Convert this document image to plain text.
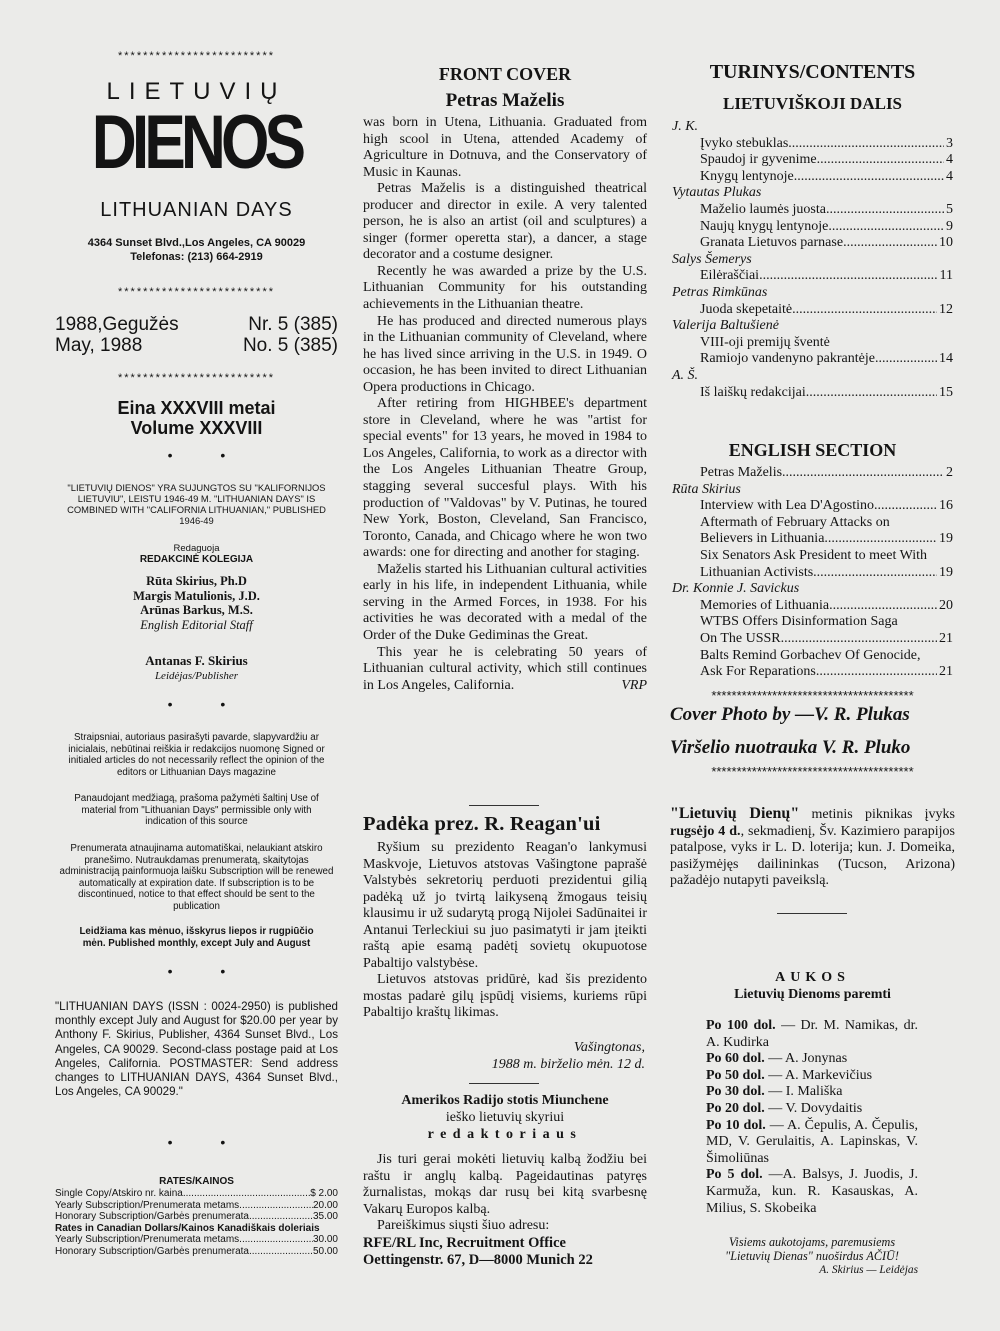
*************************
LIETUVIŲ
DIENOS
LITHUANIAN DAYS
4364 Sunset Blvd.,Los Angeles, CA 90029
Telefonas: (213) 664-2919
*************************
1988,Gegužės	Nr. 5 (385)
May, 1988	No. 5 (385)
*************************
Eina XXXVIII metai
Volume XXXVIII
• •
"LIETUVIŲ DIENOS" YRA SUJUNGTOS SU "KALIFORNIJOS LIETUVIU", LEISTU 1946-49 M. "LITHUANIAN DAYS" IS COMBINED WITH "CALIFORNIA LITHUANIAN," PUBLISHED 1946-49
Redaguoja
REDAKCINĖ KOLEGIJA
Rūta Skirius, Ph.D
Margis Matulionis, J.D.
Arūnas Barkus, M.S.
English Editorial Staff
Antanas F. Skirius
Leidėjas/Publisher
• •
Straipsniai, autoriaus pasirašyti pavarde, slapyvardžiu ar inicialais, nebūtinai reiškia ir redakcijos nuomonę Signed or initialed articles do not necessarily reflect the opinion of the editors or Lithuanian Days magazine
Panaudojant medžiagą, prašoma pažymėti šaltinį Use of material from "Lithuanian Days" permissible only with indication of this source
Prenumerata atnaujinama automatiškai, nelaukiant atskiro pranešimo. Nutraukdamas prenumeratą, skaitytojas administraciją painformuoja laišku Subscription will be renewed automatically at expiration date. If subscription is to be discontinued, notice to that effect should be sent to the publication
Leidžiama kas mėnuo, išskyrus liepos ir rugpiūčio mėn. Published monthly, except July and August
• •
"LITHUANIAN DAYS (ISSN : 0024-2950) is published monthly except July and August for $20.00 per year by Anthony F. Skirius, Publisher, 4364 Sunset Blvd., Los Angeles, CA 90029. Second-class postage paid at Los Angeles, California. POSTMASTER: Send address changes to LITHUANIAN DAYS, 4364 Sunset Blvd., Los Angeles, CA 90029."
• •
RATES/KAINOS
Single Copy/Atskiro nr. kaina .....	$ 2.00
Yearly Subscription/Prenumerata metams .....	20.00
Honorary Subscription/Garbės prenumerata .....	35.00
Rates in Canadian Dollars/Kainos Kanadiškais doleriais
Yearly Subscription/Prenumerata metams .....	30.00
Honorary Subscription/Garbės prenumerata .....	50.00
FRONT COVER
Petras Maželis

was born in Utena, Lithuania. Graduated from high scool in Utena, attended Academy of Agriculture in Dotnuva, and the Conservatory of Music in Kaunas.

Petras Maželis is a distinguished theatrical producer and director in exile. A very talented person, he is also an artist (oil and sculptures) a singer (former operetta star), a dancer, a stage decorator and a costume designer.

Recently he was awarded a prize by the U.S. Lithuanian Community for his outstanding achievements in the Lithuanian theatre.

He has produced and directed numerous plays in the Lithuanian community of Cleveland, where he has lived since arriving in the U.S. in 1949. O occasion, he has been invited to direct Lithuanian Opera productions in Chicago.

After retiring from HIGHBEE's department store in Cleveland, where he was "artist for special events" for 13 years, he moved in 1984 to Los Angeles, California, to work as a director with the Los Angeles Lithuanian Theatre Group, stagging several succesful plays. With his production of "Valdovas" by V. Putinas, he toured New York, Boston, Cleveland, San Francisco, Toronto, Canada, and Chicago where he won two awards: one for directing and another for staging.

Maželis started his Lithuanian cultural activities early in his life, in independent Lithuania, while serving in the Armed Forces, in 1938. For his activities he was decorated with a medal of the Order of the Duke Gediminas the Great.

This year he is celebrating 50 years of Lithuanian cultural activity, which still continues in Los Angeles, California.	VRP

Padėka prez. R. Reagan'ui

Ryšium su prezidento Reagan'o lankymusi Maskvoje, Lietuvos atstovas Vašingtone paprašė Valstybės sekretorių perduoti prezidentui gilią padėką už jo tvirtą laikyseną žmogaus teisių klausimu ir už sudarytą progą Nijolei Sadūnaitei ir Antanui Terleckiui su juo pasimatyti ir jam įteikti raštą apie esamą padėtį sovietų okupuotose Pabaltijo valstybėse.

Lietuvos atstovas pridūrė, kad šis prezidento mostas padarė gilų įspūdį visiems, kuriems rūpi Pabaltijo kraštų likimas.

Vašingtonas,
1988 m. birželio mėn. 12 d.
Amerikos Radijo stotis Miunchene
ieško lietuvių skyriui
redaktoriaus

Jis turi gerai mokėti lietuvių kalbą žodžiu bei raštu ir anglų kalbą. Pageidautinas patyręs žurnalistas, mokąs dar rusų bei kitą svarbesnę Vakarų Europos kalbą.

Pareiškimus siųsti šiuo adresu:

RFE/RL Inc, Recruitment Office
Oettingenstr. 67, D—8000 Munich 22
TURINYS/CONTENTS
LIETUVIŠKOJI DALIS
J. K.
Įvyko stebuklas .....	3
Spaudoj ir gyvenime .....	4
Knygų lentynoje .....	4
Vytautas Plukas
Maželio laumės juosta .....	5
Naujų knygų lentynoje .....	9
Granata Lietuvos parnase .....	10
Salys Šemerys
Eilėraščiai .....	11
Petras Rimkūnas
Juoda skepetaitė .....	12
Valerija Baltušienė
VIII-oji premijų šventė
Ramiojo vandenyno pakrantėje .....	14
A. Š.
Iš laiškų redakcijai .....	15
ENGLISH SECTION
Petras Maželis .....	2
Rūta Skirius
Interview with Lea D'Agostino .....	16
Aftermath of February Attacks on
Believers in Lithuania .....	19
Six Senators Ask President to meet With
Lithuanian Activists .....	19
Dr. Konnie J. Savickus
Memories of Lithuania .....	20
WTBS Offers Disinformation Saga
On The USSR .....	21
Balts Remind Gorbachev Of Genocide,
Ask For Reparations .....	21
****************************************
Cover Photo by —V. R. Plukas
Viršelio nuotrauka V. R. Pluko
****************************************
"Lietuvių Dienų" metinis piknikas įvyks rugsėjo 4 d., sekmadienį, Šv. Kazimiero parapijos patalpose, vyks ir L. D. loterija; kun. J. Domeika, pasižymėjęs dailininkas (Tucson, Arizona) pažadėjo nutapyti paveikslą.
AUKOS
Lietuvių Dienoms paremti
Po 100 dol. — Dr. M. Namikas, dr. A. Kudirka
Po 60 dol. — A. Jonynas
Po 50 dol. — A. Markevičius
Po 30 dol. — I. Mališka
Po 20 dol. — V. Dovydaitis
Po 10 dol. — A. Čepulis, A. Čepulis, MD, V. Gerulaitis, A. Lapinskas, V. Šimoliūnas
Po 5 dol. —A. Balsys, J. Juodis, J. Karmuža, kun. R. Kasauskas, A. Milius, S. Skobeika
Visiems aukotojams, paremusiems "Lietuvių Dienas" nuoširdus AČIŪ!
A. Skirius — Leidėjas
